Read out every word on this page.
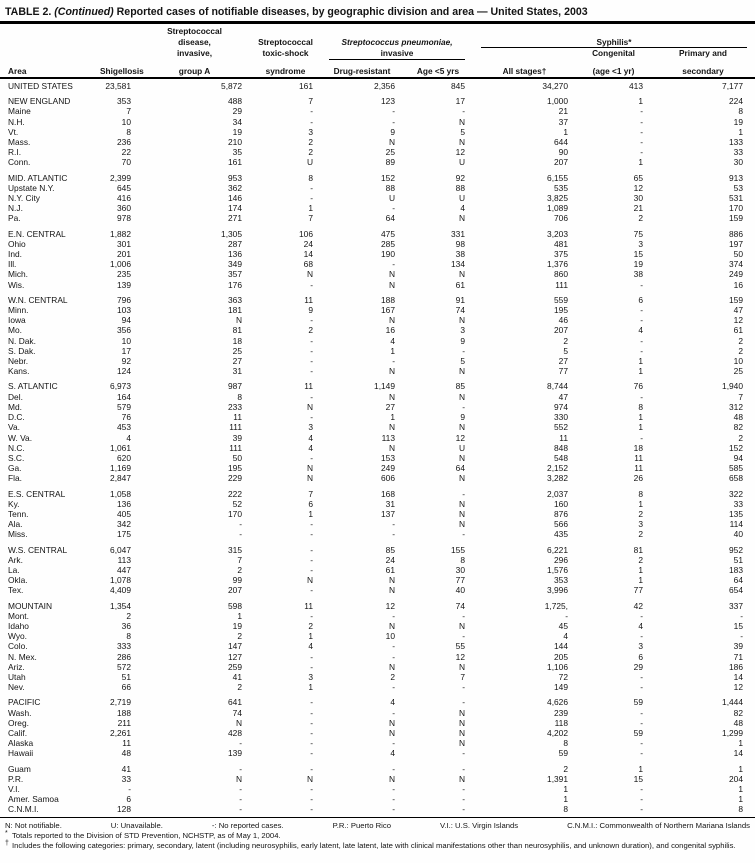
TABLE 2. (Continued) Reported cases of notifiable diseases, by geographic division and area — United States, 2003
Streptococcal
disease,	Streptococcal	Streptococcus pneumoniae,	Syphilis*
invasive,	toxic-shock	invasive	Congenital	Primary and
Area	Shigellosis	group A	syndrome	Drug-resistant	Age <5 yrs	All stages†	(age <1 yr)	secondary
UNITED STATES	23,581	5,872	161	2,356	845	34,270	413	7,177

NEW ENGLAND	353	488	7	123	17	1,000	1	224
Maine	7	29	-	-	-	21	-	8
N.H.	10	34	-	-	N	37	-	19
Vt.	8	19	3	9	5	1	-	1
Mass.	236	210	2	N	N	644	-	133
R.I.	22	35	2	25	12	90	-	33
Conn.	70	161	U	89	U	207	1	30

MID. ATLANTIC	2,399	953	8	152	92	6,155	65	913
Upstate N.Y.	645	362	-	88	88	535	12	53
N.Y. City	416	146	-	U	U	3,825	30	531
N.J.	360	174	1	-	4	1,089	21	170
Pa.	978	271	7	64	N	706	2	159

E.N. CENTRAL	1,882	1,305	106	475	331	3,203	75	886
Ohio	301	287	24	285	98	481	3	197
Ind.	201	136	14	190	38	375	15	50
Ill.	1,006	349	68	-	134	1,376	19	374
Mich.	235	357	N	N	N	860	38	249
Wis.	139	176	-	N	61	111	-	16

W.N. CENTRAL	796	363	11	188	91	559	6	159
Minn.	103	181	9	167	74	195	-	47
Iowa	94	N	-	N	N	46	-	12
Mo.	356	81	2	16	3	207	4	61
N. Dak.	10	18	-	4	9	2	-	2
S. Dak.	17	25	-	1	-	5	-	2
Nebr.	92	27	-	-	5	27	1	10
Kans.	124	31	-	N	N	77	1	25

S. ATLANTIC	6,973	987	11	1,149	85	8,744	76	1,940
Del.	164	8	-	N	N	47	-	7
Md.	579	233	N	27	-	974	8	312
D.C.	76	11	-	1	9	330	1	48
Va.	453	111	3	N	N	552	1	82
W. Va.	4	39	4	113	12	11	-	2
N.C.	1,061	111	4	N	U	848	18	152
S.C.	620	50	-	153	N	548	11	94
Ga.	1,169	195	N	249	64	2,152	11	585
Fla.	2,847	229	N	606	N	3,282	26	658

E.S. CENTRAL	1,058	222	7	168	-	2,037	8	322
Ky.	136	52	6	31	N	160	1	33
Tenn.	405	170	1	137	N	876	2	135
Ala.	342	-	-	-	N	566	3	114
Miss.	175	-	-	-	-	435	2	40

W.S. CENTRAL	6,047	315	-	85	155	6,221	81	952
Ark.	113	7	-	24	8	296	2	51
La.	447	2	-	61	30	1,576	1	183
Okla.	1,078	99	N	N	77	353	1	64
Tex.	4,409	207	-	N	40	3,996	77	654

MOUNTAIN	1,354	598	11	12	74	1,725,	42	337
Mont.	2	1	-	-	-	-	-	-
Idaho	36	19	2	N	N	45	4	15
Wyo.	8	2	1	10	-	4	-	-
Colo.	333	147	4	-	55	144	3	39
N. Mex.	286	127	-	-	12	205	6	71
Ariz.	572	259	-	N	N	1,106	29	186
Utah	51	41	3	2	7	72	-	14
Nev.	66	2	1	-	-	149	-	12

PACIFIC	2,719	641	-	4	-	4,626	59	1,444
Wash.	188	74	-	-	N	239	-	82
Oreg.	211	N	-	N	N	118	-	48
Calif.	2,261	428	-	N	N	4,202	59	1,299
Alaska	11	-	-	-	N	8	-	1
Hawaii	48	139	-	4	-	59	-	14

Guam	41	-	-	-	-	2	1	1
P.R.	33	N	N	N	N	1,391	15	204
V.I.	-	-	-	-	-	1	-	1
Amer. Samoa	6	-	-	-	-	1	-	1
C.N.M.I.	128	-	-	-	-	8	-	8
N: Not notifiable.	U: Unavailable.	-: No reported cases.	P.R.: Puerto Rico	V.I.: U.S. Virgin Islands	C.N.M.I.: Commonwealth of Northern Mariana Islands
* Totals reported to the Division of STD Prevention, NCHSTP, as of May 1, 2004.
† Includes the following categories: primary, secondary, latent (including neurosyphilis, early latent, late latent, late with clinical manifestations other than neurosyphilis, and unknown duration), and congenital syphilis.
